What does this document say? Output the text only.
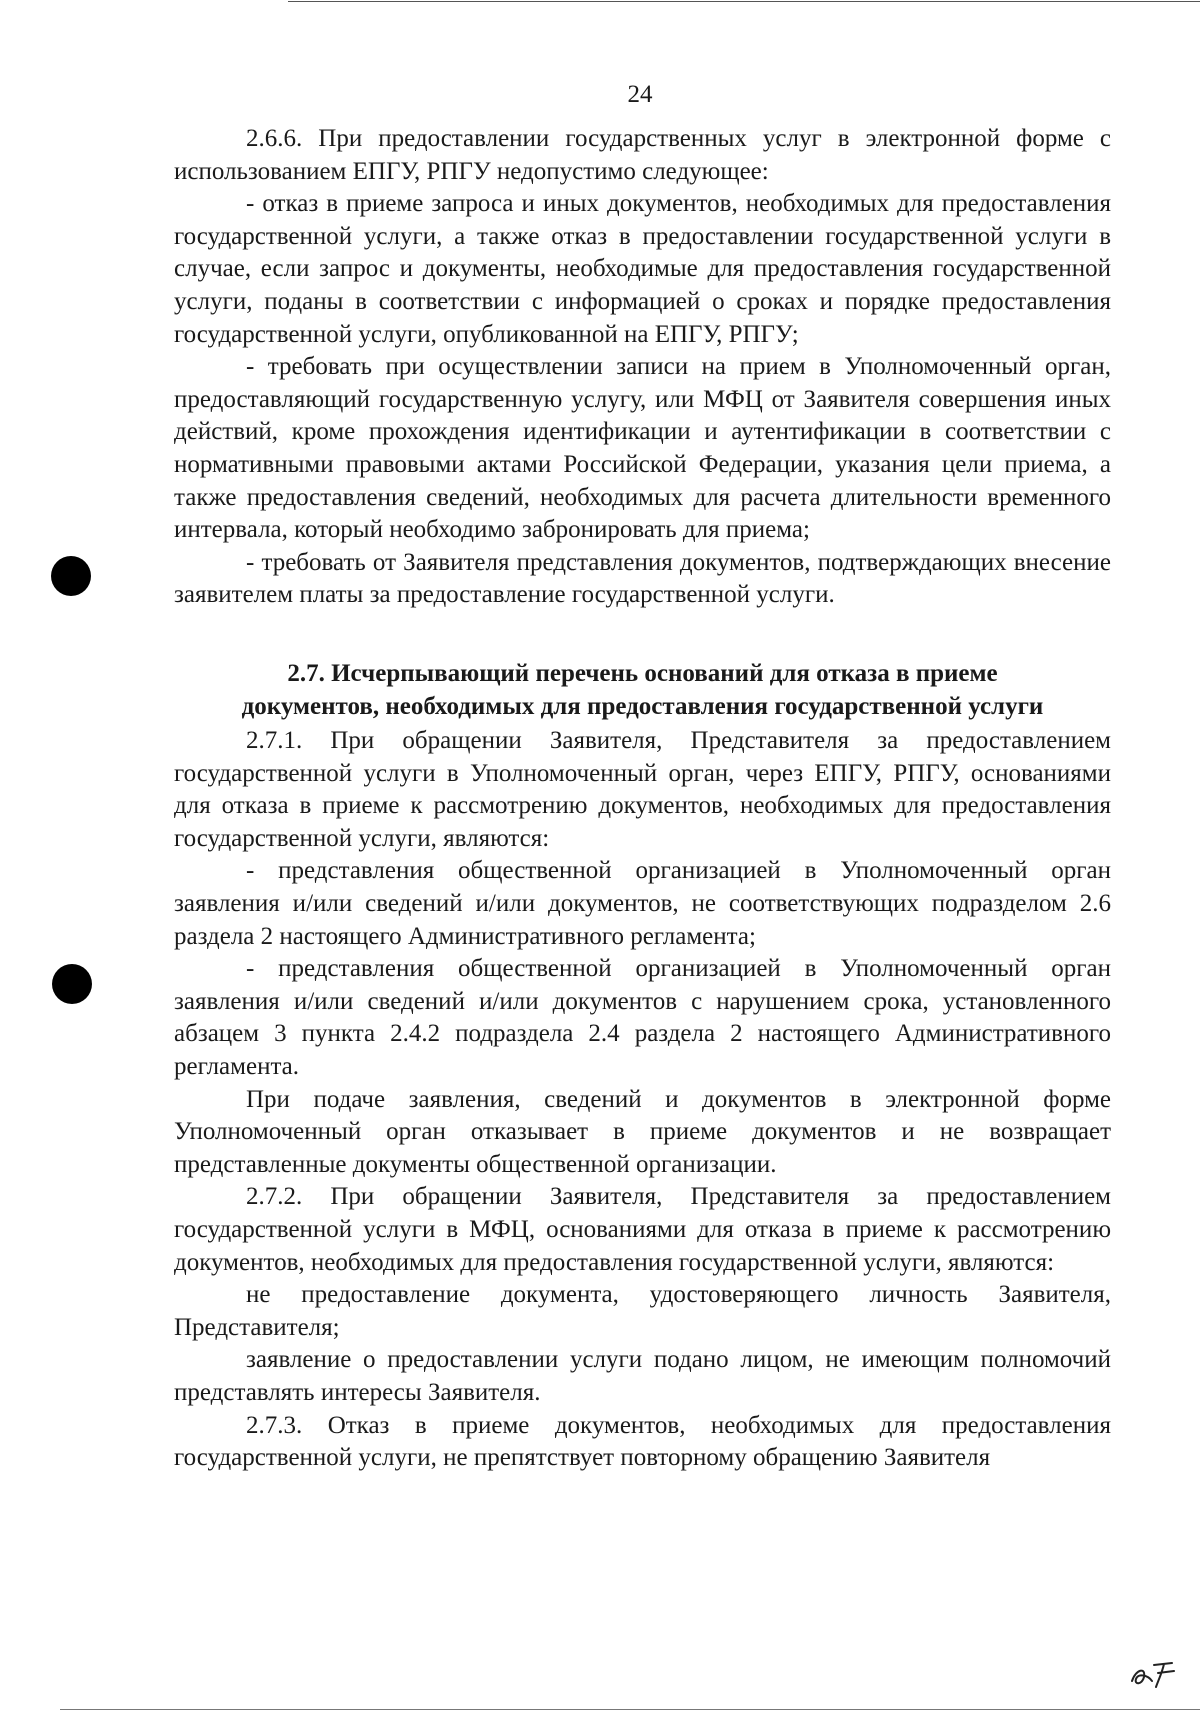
24

2.6.6. При предоставлении государственных услуг в электронной форме с использованием ЕПГУ, РПГУ недопустимо следующее:

- отказ в приеме запроса и иных документов, необходимых для предоставления государственной услуги, а также отказ в предоставлении государственной услуги в случае, если запрос и документы, необходимые для предоставления государственной услуги, поданы в соответствии с информацией о сроках и порядке предоставления государственной услуги, опубликованной на ЕПГУ, РПГУ;

- требовать при осуществлении записи на прием в Уполномоченный орган, предоставляющий государственную услугу, или МФЦ от Заявителя совершения иных действий, кроме прохождения идентификации и аутентификации в соответствии с нормативными правовыми актами Российской Федерации, указания цели приема, а также предоставления сведений, необходимых для расчета длительности временного интервала, который необходимо забронировать для приема;

- требовать от Заявителя представления документов, подтверждающих внесение заявителем платы за предоставление государственной услуги.

2.7. Исчерпывающий перечень оснований для отказа в приеме
документов, необходимых для предоставления государственной услуги

2.7.1. При обращении Заявителя, Представителя за предоставлением государственной услуги в Уполномоченный орган, через ЕПГУ, РПГУ, основаниями для отказа в приеме к рассмотрению документов, необходимых для предоставления государственной услуги, являются:

- представления общественной организацией в Уполномоченный орган заявления и/или сведений и/или документов, не соответствующих подразделом 2.6 раздела 2 настоящего Административного регламента;

- представления общественной организацией в Уполномоченный орган заявления и/или сведений и/или документов с нарушением срока, установленного абзацем 3 пункта 2.4.2 подраздела 2.4 раздела 2 настоящего Административного регламента.

При подаче заявления, сведений и документов в электронной форме Уполномоченный орган отказывает в приеме документов и не возвращает представленные документы общественной организации.

2.7.2. При обращении Заявителя, Представителя за предоставлением государственной услуги в МФЦ, основаниями для отказа в приеме к рассмотрению документов, необходимых для предоставления государственной услуги, являются:

не предоставление документа, удостоверяющего личность Заявителя, Представителя;

заявление о предоставлении услуги подано лицом, не имеющим полномочий представлять интересы Заявителя.

2.7.3. Отказ в приеме документов, необходимых для предоставления государственной услуги, не препятствует повторному обращению Заявителя
